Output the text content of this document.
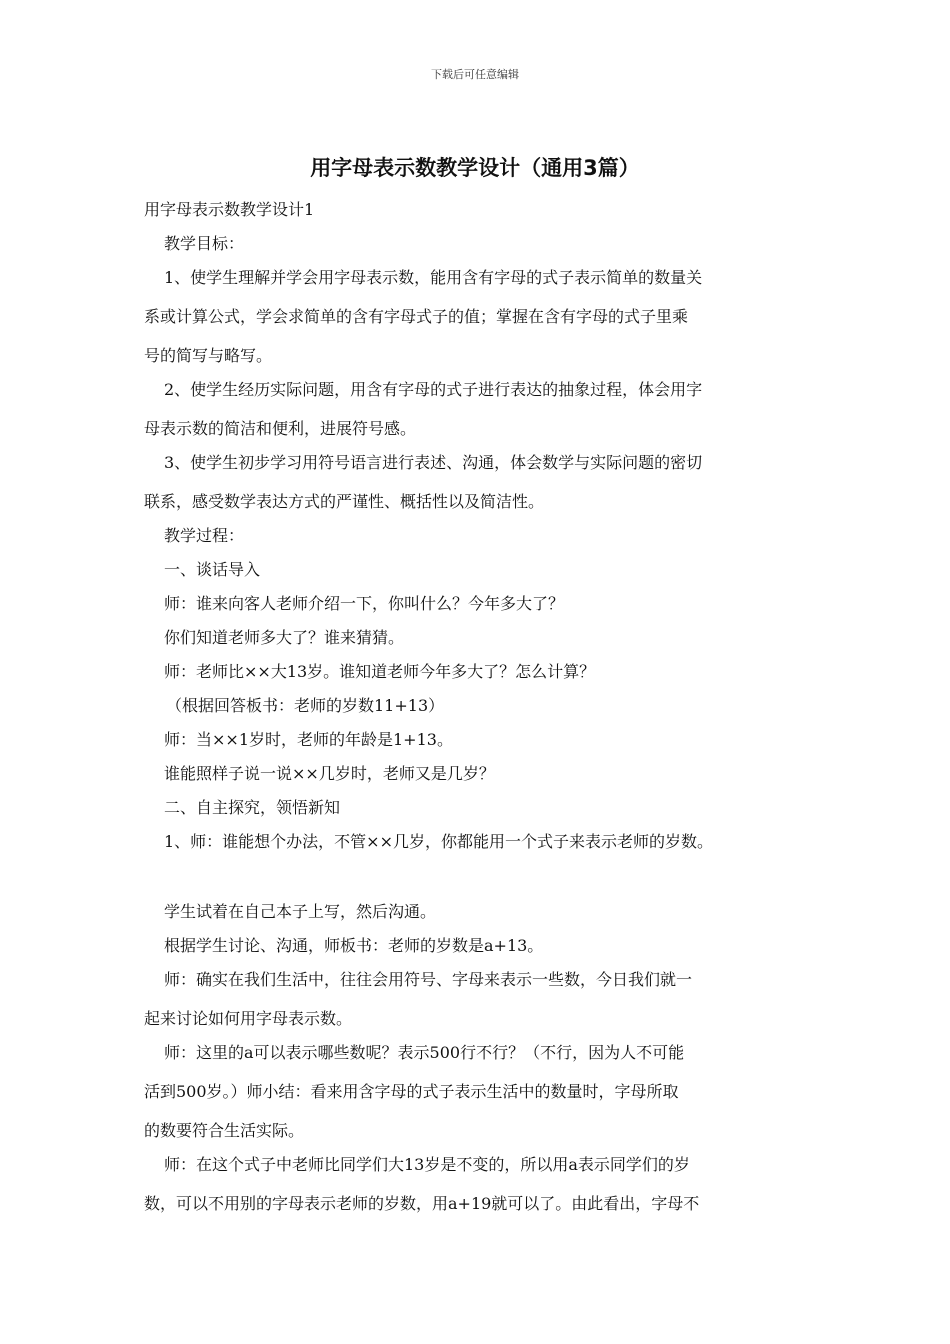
下载后可任意编辑
用字母表示数教学设计（通用3篇）
用字母表示数教学设计1
教学目标：
1、使学生理解并学会用字母表示数，能用含有字母的式子表示简单的数量关
系或计算公式，学会求简单的含有字母式子的值；掌握在含有字母的式子里乘
号的简写与略写。
2、使学生经历实际问题，用含有字母的式子进行表达的抽象过程，体会用字
母表示数的简洁和便利，进展符号感。
3、使学生初步学习用符号语言进行表述、沟通，体会数学与实际问题的密切
联系，感受数学表达方式的严谨性、概括性以及简洁性。
教学过程：
一、谈话导入
师：谁来向客人老师介绍一下，你叫什么？今年多大了？
你们知道老师多大了？谁来猜猜。
师：老师比××大13岁。谁知道老师今年多大了？怎么计算？
（根据回答板书：老师的岁数11+13）
师：当××1岁时，老师的年龄是1+13。
谁能照样子说一说××几岁时，老师又是几岁？
二、自主探究，领悟新知
1、师：谁能想个办法，不管××几岁，你都能用一个式子来表示老师的岁数。
学生试着在自己本子上写，然后沟通。
根据学生讨论、沟通，师板书：老师的岁数是a+13。
师：确实在我们生活中，往往会用符号、字母来表示一些数，今日我们就一
起来讨论如何用字母表示数。
师：这里的a可以表示哪些数呢？表示500行不行？（不行，因为人不可能
活到500岁。）师小结：看来用含字母的式子表示生活中的数量时，字母所取
的数要符合生活实际。
师：在这个式子中老师比同学们大13岁是不变的，所以用a表示同学们的岁
数，可以不用别的字母表示老师的岁数，用a+19就可以了。由此看出，字母不
